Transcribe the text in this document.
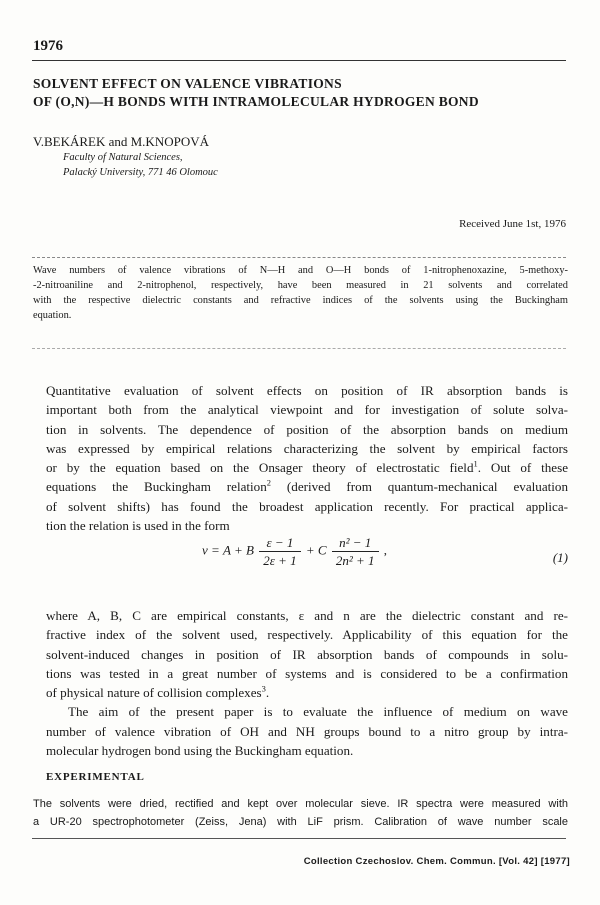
1976
SOLVENT EFFECT ON VALENCE VIBRATIONS
OF (O,N)—H BONDS WITH INTRAMOLECULAR HYDROGEN BOND
V.BEKÁREK and M.KNOPOVÁ
Faculty of Natural Sciences,
Palacký University, 771 46 Olomouc
Received June 1st, 1976
Wave numbers of valence vibrations of N—H and O—H bonds of 1-nitrophenoxazine, 5-methoxy-
-2-nitroaniline and 2-nitrophenol, respectively, have been measured in 21 solvents and correlated
with the respective dielectric constants and refractive indices of the solvents using the Buckingham
equation.
Quantitative evaluation of solvent effects on position of IR absorption bands is
important both from the analytical viewpoint and for investigation of solute solva-
tion in solvents. The dependence of position of the absorption bands on medium
was expressed by empirical relations characterizing the solvent by empirical factors
or by the equation based on the Onsager theory of electrostatic field$^1$. Out of these
equations the Buckingham relation$^2$ (derived from quantum-mechanical evaluation
of solvent shifts) has found the broadest application recently. For practical applica-
tion the relation is used in the form
ν = A + B $\frac{\varepsilon - 1}{2\varepsilon + 1} + C \frac{\text{n² − 1}}{\text{2n² + 1}}$ ,
(1)
where A, B, C are empirical constants, ε and n are the dielectric constant and re-
fractive index of the solvent used, respectively. Applicability of this equation for the
solvent-induced changes in position of IR absorption bands of compounds in solu-
tions was tested in a great number of systems and is considered to be a confirmation
of physical nature of collision complexes$^3$.
The aim of the present paper is to evaluate the influence of medium on wave
number of valence vibration of OH and NH groups bound to a nitro group by intra-
molecular hydrogen bond using the Buckingham equation.
EXPERIMENTAL
The solvents were dried, rectified and kept over molecular sieve. IR spectra were measured with
a UR-20 spectrophotometer (Zeiss, Jena) with LiF prism. Calibration of wave number scale
Collection Czechoslov. Chem. Commun. [Vol. 42] [1977]
